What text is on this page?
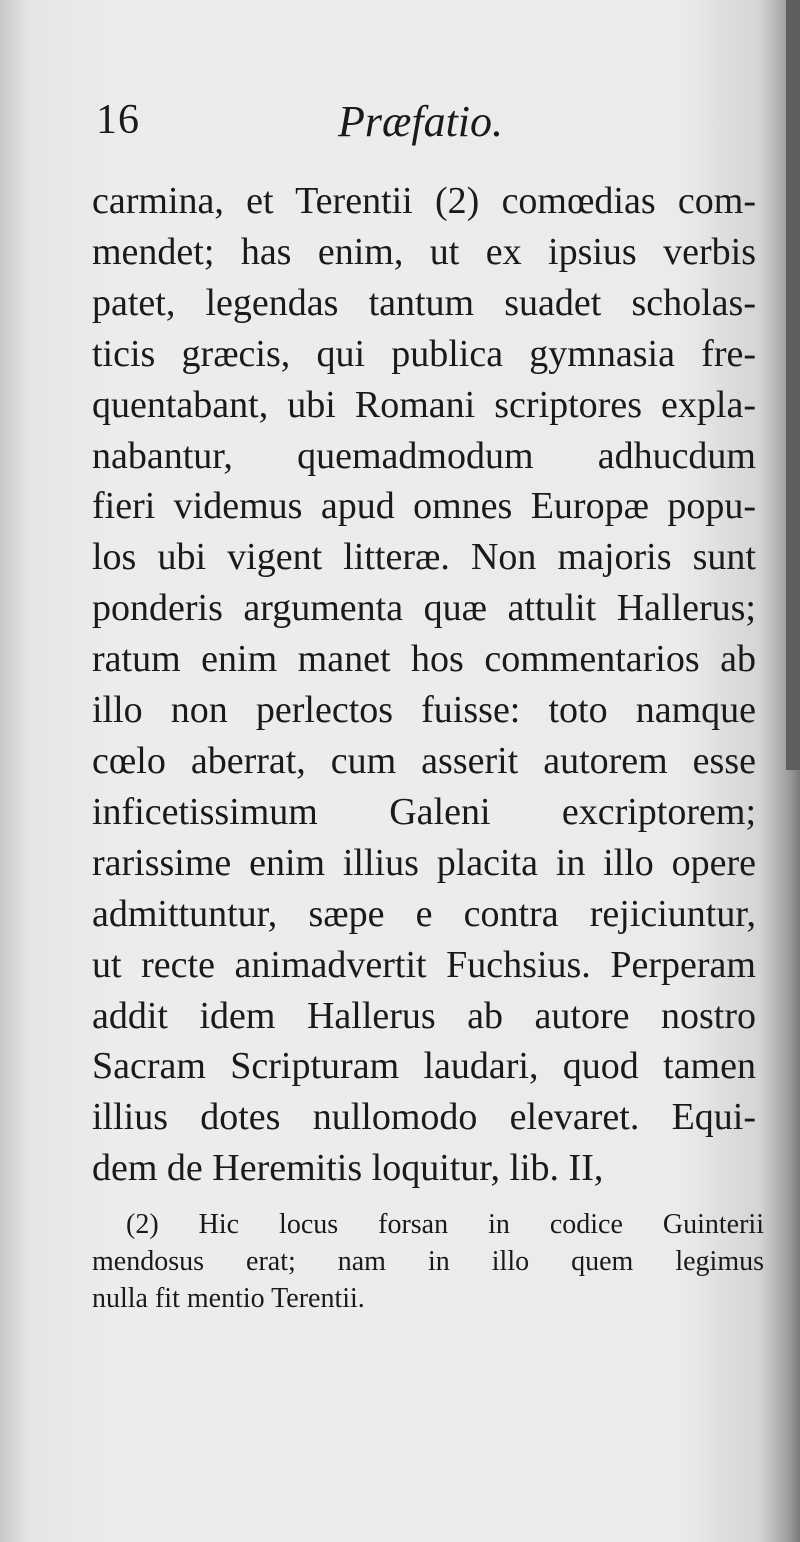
16	Præfatio.
carmina, et Terentii (2) comœdias com-
mendet; has enim, ut ex ipsius verbis
patet, legendas tantum suadet scholas-
ticis græcis, qui publica gymnasia fre-
quentabant, ubi Romani scriptores expla-
nabantur, quemadmodum adhucdum
fieri videmus apud omnes Europæ popu-
los ubi vigent litteræ. Non majoris sunt
ponderis argumenta quæ attulit Hallerus;
ratum enim manet hos commentarios ab
illo non perlectos fuisse: toto namque
cœlo aberrat, cum asserit autorem esse
inficetissimum Galeni excriptorem;
rarissime enim illius placita in illo opere
admittuntur, sæpe e contra rejiciuntur,
ut recte animadvertit Fuchsius. Perperam
addit idem Hallerus ab autore nostro
Sacram Scripturam laudari, quod tamen
illius dotes nullomodo elevaret. Equi-
dem de Heremitis loquitur, lib. II,
(2) Hic locus forsan in codice Guinterii
mendosus erat; nam in illo quem legimus
nulla fit mentio Terentii.
